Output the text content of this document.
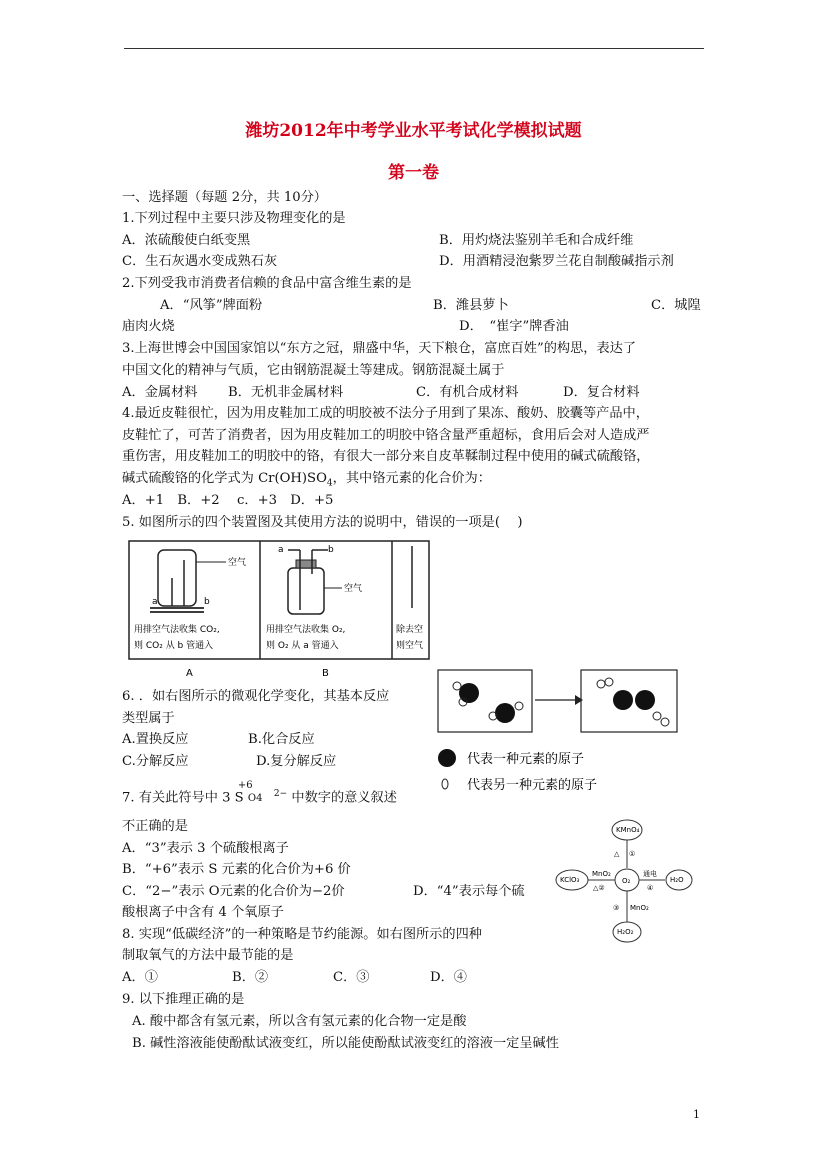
潍坊2012年中考学业水平考试化学模拟试题
第一卷
一、选择题（每题 2分，共 10分）
1.下列过程中主要只涉及物理变化的是
A．浓硫酸使白纸变黑	B．用灼烧法鉴别羊毛和合成纤维
C．生石灰遇水变成熟石灰	D．用酒精浸泡紫罗兰花自制酸碱指示剂
2.下列受我市消费者信赖的食品中富含维生素的是
A．“风筝”牌面粉	B．潍县萝卜	C．城隍
庙肉火烧	D．　“崔字”牌香油
3.上海世博会中国国家馆以“东方之冠，鼎盛中华，天下粮仓，富庶百姓”的构思，表达了
中国文化的精神与气质，它由钢筋混凝土等建成。钢筋混凝土属于
A．金属材料 B．无机非金属材料	C．有机合成材料	D．复合材料
4.最近皮鞋很忙，因为用皮鞋加工成的明胶被不法分子用到了果冻、酸奶、胶囊等产品中，
皮鞋忙了，可苦了消费者，因为用皮鞋加工的明胶中铬含量严重超标，食用后会对人造成严
重伤害，用皮鞋加工的明胶中的铬，有很大一部分来自皮革鞣制过程中使用的碱式硫酸铬，
碱式硫酸铬的化学式为 $Cr(OH)SO_4$，其中铬元素的化合价为：
A．+1　B．+2　 c．+3　D．+5
5. 如图所示的四个装置图及其使用方法的说明中，错误的一项是(　 )
空气
a	b
用排空气法收集 CO₂,
则 CO₂ 从 b 管通入
a	b
空气
用排空气法收集 O₂,
则 O₂ 从 a 管通入
除去空
则空气
A	B
6. ．如右图所示的微观化学变化，其基本反应
类型属于
A.置换反应	B.化合反应
C.分解反应	D.复分解反应	代表一种元素的原子
代表另一种元素的原子
7. 有关此符号中 3 S
+6
O4 $^{2-}$ 中数字的意义叙述
不正确的是
A．“3”表示 3 个硫酸根离子
B．“+6”表示 S 元素的化合价为+6 价
C．“2−”表示 O元素的化合价为−2价	D．“4”表示每个硫
酸根离子中含有 4 个氧原子
KMnO₄
△ ①
O₂
KClO₃
MnO₂
△②
通电
④
H₂O
③ MnO₂
H₂O₂
8. 实现“低碳经济”的一种策略是节约能源。如右图所示的四种
制取氧气的方法中最节能的是
A．①	B．②	C．③	D．④
9. 以下推理正确的是
A. 酸中都含有氢元素，所以含有氢元素的化合物一定是酸
B. 碱性溶液能使酚酞试液变红，所以能使酚酞试液变红的溶液一定呈碱性
1
